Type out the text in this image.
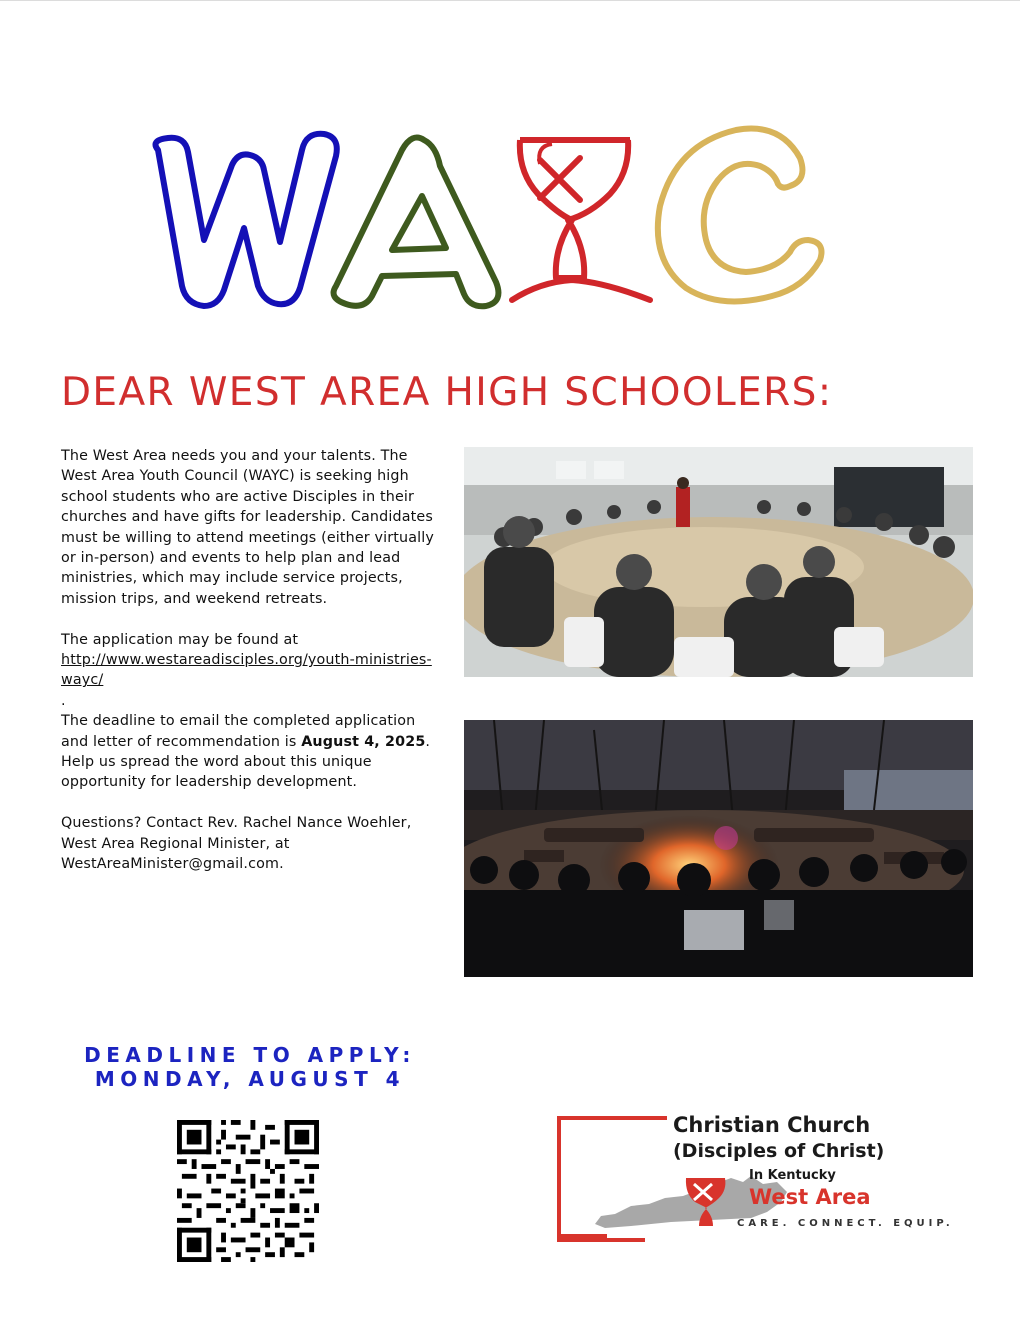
DEAR WEST AREA HIGH SCHOOLERS:

The West Area needs you and your talents. The West Area Youth Council (WAYC) is seeking high school students who are active Disciples in their churches and have gifts for leadership. Candidates must be willing to attend meetings (either virtually or in-person) and events to help plan and lead ministries, which may include service projects, mission trips, and weekend retreats.

The application may be found at
http://www.westareadisciples.org/youth-ministries-wayc/
.

The deadline to email the completed application and letter of recommendation is August 4, 2025. Help us spread the word about this unique opportunity for leadership development.

Questions? Contact Rev. Rachel Nance Woehler, West Area Regional Minister, at WestAreaMinister@gmail.com.

DEADLINE TO APPLY:
MONDAY, AUGUST 4
Christian Church
(Disciples of Christ)
In Kentucky
West Area
CARE. CONNECT. EQUIP.
